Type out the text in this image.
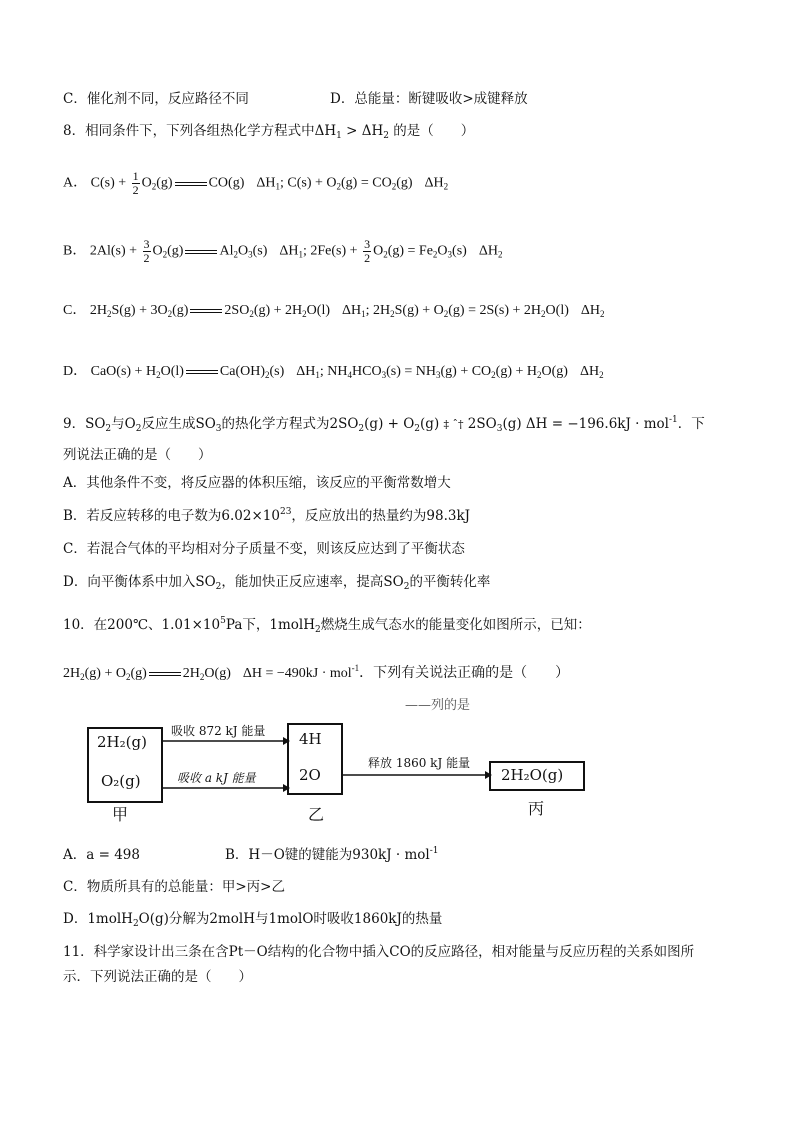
C．催化剂不同，反应路径不同	D．总能量：断键吸收>成键释放
8．相同条件下，下列各组热化学方程式中$\Delta H_1 > \Delta H_2$ 的是（　　）
A． $C(s) + \frac{1}{2} O_2(g)$	CO(g) $\Delta H_1$; $C(s) + O_2(g) = CO_2(g)$ $\Delta H_2$
B． $2Al(s) + \frac{3}{2} O_2(g)$	$Al_2O_3(s)$ $\Delta H_1$; $2Fe(s) + \frac{3}{2} O_2(g) = Fe_2O_3(s)$ $\Delta H_2$
C． $2H_2S(g) + 3O_2(g)$	$2SO_2(g) + 2H_2O(l)$ $\Delta H_1$; $2H_2S(g) + O_2(g) = 2S(s) + 2H_2O(l)$ $\Delta H_2$
D． $CaO(s) + H_2O(l)$	$Ca(OH)_2(s)$ $\Delta H_1$; $NH_4HCO_3(s) = NH_3(g) + CO_2(g) + H_2O(g)$ $\Delta H_2$
9．$SO_2$与$O_2$反应生成$SO_3$的热化学方程式为$2SO_2(g) + O_2(g)$ ‡ ˆ† $2SO_3(g) \Delta H = -196.6kJ \cdot mol^{-1}$．下
列说法正确的是（　　）
A．其他条件不变，将反应器的体积压缩，该反应的平衡常数增大
B．若反应转移的电子数为$6.02\times 10^{23}$，反应放出的热量约为98.3kJ
C．若混合气体的平均相对分子质量不变，则该反应达到了平衡状态
D．向平衡体系中加入$SO_2$，能加快正反应速率，提高$SO_2$的平衡转化率
10．在200℃、$1.01\times 10^5Pa$下，1molH$_2$燃烧生成气态水的能量变化如图所示，已知：
$2H_2(g) + O_2(g)$	$2H_2O(g) \Delta H = -490kJ \cdot mol^{-1}$．下列有关说法正确的是（　　）
——列的是
2H₂(g)
O₂(g)
吸收 872 kJ 能量
吸收 a kJ 能量
4H
2O
释放 1860 kJ 能量
2H₂O(g)
甲	乙	丙
A．a = 498	B．H－O键的键能为930kJ · mol$^{-1}$
C．物质所具有的总能量：甲>丙>乙
D．1molH$_2$O(g)分解为2molH与1molO时吸收1860kJ的热量
11．科学家设计出三条在含Pt－O结构的化合物中插入CO的反应路径，相对能量与反应历程的关系如图所
示．下列说法正确的是（　　）
